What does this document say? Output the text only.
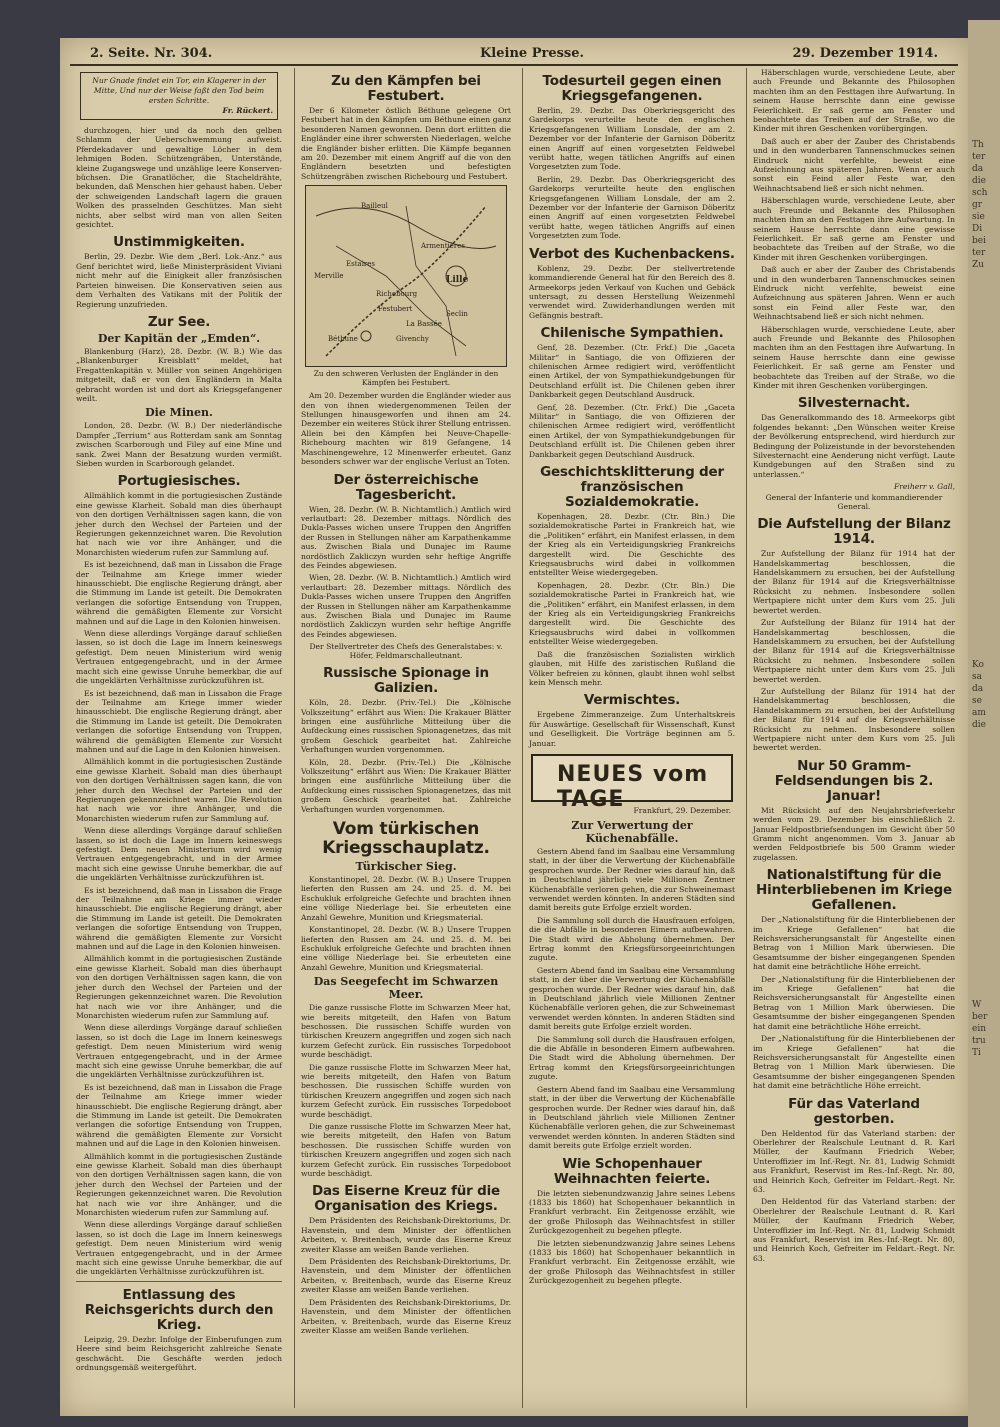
Th
ter
da
die
sch
gr
sie
Di
bei
ter
Zu
Ko
sa
da
se
am
die
W
ber
ein
tru
Ti
2. Seite. Nr. 304.	Kleine Presse.	29. Dezember 1914.
Nur Gnade findet ein Tor, ein Klagerer in der Mitte, Und nur der Weise faßt den Tod beim ersten Schritte.
Fr. Rückert.

durchzogen, hier und da noch den gelben Schlamm der Ueberschwemmung aufweist. Pferdekadaver und gewaltige Löcher in dem lehmigen Boden. Schützengräben, Unterstände, kleine Zugangswege und unzählige leere Konserven-büchsen. Die Granatlöcher, die Stacheldrähte, bekunden, daß Menschen hier gehaust haben. Ueber der schweigenden Landschaft lagern die grauen Wolken des prasselnden Geschützes. Man sieht nichts, aber selbst wird man von allen Seiten gesichtet.

Unstimmigkeiten.

Berlin, 29. Dezbr. Wie dem „Berl. Lok.-Anz.“ aus Genf berichtet wird, ließe Ministerpräsident Viviani nicht mehr auf die Einigkeit aller französischen Parteien hinweisen. Die Konservativen seien aus dem Verhalten des Vatikans mit der Politik der Regierung unzufrieden.

Zur See.
Der Kapitän der „Emden“.

Blankenburg (Harz), 28. Dezbr. (W. B.) Wie das „Blankenburger Kreisblatt“ meldet, hat Fregattenkapitän v. Müller von seinen Angehörigen mitgeteilt, daß er von den Engländern in Malta gebracht worden ist und dort als Kriegsgefangener weilt.

Die Minen.

London, 28. Dezbr. (W. B.) Der niederländische Dampfer „Terrium“ aus Rotterdam sank am Sonntag zwischen Scarborough und Filey auf eine Mine und sank. Zwei Mann der Besatzung wurden vermißt. Sieben wurden in Scarborough gelandet.

Portugiesisches.

Allmählich kommt in die portugiesischen Zustände eine gewisse Klarheit. Sobald man dies überhaupt von den dortigen Verhältnissen sagen kann, die von jeher durch den Wechsel der Parteien und der Regierungen gekennzeichnet waren. Die Revolution hat nach wie vor ihre Anhänger, und die Monarchisten wiederum rufen zur Sammlung auf.

Es ist bezeichnend, daß man in Lissabon die Frage der Teilnahme am Kriege immer wieder hinausschiebt. Die englische Regierung drängt, aber die Stimmung im Lande ist geteilt. Die Demokraten verlangen die sofortige Entsendung von Truppen, während die gemäßigten Elemente zur Vorsicht mahnen und auf die Lage in den Kolonien hinweisen.

Wenn diese allerdings Vorgänge darauf schließen lassen, so ist doch die Lage im Innern keineswegs gefestigt. Dem neuen Ministerium wird wenig Vertrauen entgegengebracht, und in der Armee macht sich eine gewisse Unruhe bemerkbar, die auf die ungeklärten Verhältnisse zurückzuführen ist.

Es ist bezeichnend, daß man in Lissabon die Frage der Teilnahme am Kriege immer wieder hinausschiebt. Die englische Regierung drängt, aber die Stimmung im Lande ist geteilt. Die Demokraten verlangen die sofortige Entsendung von Truppen, während die gemäßigten Elemente zur Vorsicht mahnen und auf die Lage in den Kolonien hinweisen.

Allmählich kommt in die portugiesischen Zustände eine gewisse Klarheit. Sobald man dies überhaupt von den dortigen Verhältnissen sagen kann, die von jeher durch den Wechsel der Parteien und der Regierungen gekennzeichnet waren. Die Revolution hat nach wie vor ihre Anhänger, und die Monarchisten wiederum rufen zur Sammlung auf.

Wenn diese allerdings Vorgänge darauf schließen lassen, so ist doch die Lage im Innern keineswegs gefestigt. Dem neuen Ministerium wird wenig Vertrauen entgegengebracht, und in der Armee macht sich eine gewisse Unruhe bemerkbar, die auf die ungeklärten Verhältnisse zurückzuführen ist.

Es ist bezeichnend, daß man in Lissabon die Frage der Teilnahme am Kriege immer wieder hinausschiebt. Die englische Regierung drängt, aber die Stimmung im Lande ist geteilt. Die Demokraten verlangen die sofortige Entsendung von Truppen, während die gemäßigten Elemente zur Vorsicht mahnen und auf die Lage in den Kolonien hinweisen.

Allmählich kommt in die portugiesischen Zustände eine gewisse Klarheit. Sobald man dies überhaupt von den dortigen Verhältnissen sagen kann, die von jeher durch den Wechsel der Parteien und der Regierungen gekennzeichnet waren. Die Revolution hat nach wie vor ihre Anhänger, und die Monarchisten wiederum rufen zur Sammlung auf.

Wenn diese allerdings Vorgänge darauf schließen lassen, so ist doch die Lage im Innern keineswegs gefestigt. Dem neuen Ministerium wird wenig Vertrauen entgegengebracht, und in der Armee macht sich eine gewisse Unruhe bemerkbar, die auf die ungeklärten Verhältnisse zurückzuführen ist.

Es ist bezeichnend, daß man in Lissabon die Frage der Teilnahme am Kriege immer wieder hinausschiebt. Die englische Regierung drängt, aber die Stimmung im Lande ist geteilt. Die Demokraten verlangen die sofortige Entsendung von Truppen, während die gemäßigten Elemente zur Vorsicht mahnen und auf die Lage in den Kolonien hinweisen.

Allmählich kommt in die portugiesischen Zustände eine gewisse Klarheit. Sobald man dies überhaupt von den dortigen Verhältnissen sagen kann, die von jeher durch den Wechsel der Parteien und der Regierungen gekennzeichnet waren. Die Revolution hat nach wie vor ihre Anhänger, und die Monarchisten wiederum rufen zur Sammlung auf.

Wenn diese allerdings Vorgänge darauf schließen lassen, so ist doch die Lage im Innern keineswegs gefestigt. Dem neuen Ministerium wird wenig Vertrauen entgegengebracht, und in der Armee macht sich eine gewisse Unruhe bemerkbar, die auf die ungeklärten Verhältnisse zurückzuführen ist.

Entlassung des Reichsgerichts durch den Krieg.

Leipzig, 29. Dezbr. Infolge der Einberufungen zum Heere sind beim Reichsgericht zahlreiche Senate geschwächt. Die Geschäfte werden jedoch ordnungsgemäß weitergeführt.

Zu den Kämpfen bei Festubert.

Der 6 Kilometer östlich Béthune gelegene Ort Festubert hat in den Kämpfen um Béthune einen ganz besonderen Namen gewonnen. Denn dort erlitten die Engländer eine ihrer schwersten Niederlagen, welche die Engländer bisher erlitten. Die Kämpfe begannen am 20. Dezember mit einem Angriff auf die von den Engländern besetzten und befestigten Schützengräben zwischen Richebourg und Festubert.

Bailleul
Armentières
Lille
Béthune
La Bassée
Seclin
Richebourg
Festubert
Estaires
Merville
Givenchy
Zu den schweren Verlusten der Engländer in den Kämpfen bei Festubert.

Am 20. Dezember wurden die Engländer wieder aus den von ihnen wiedergenommenen Teilen der Stellungen hinausgeworfen und ihnen am 24. Dezember ein weiteres Stück ihrer Stellung entrissen. Allein bei den Kämpfen bei Neuve-Chapelle-Richebourg machten wir 819 Gefangene, 14 Maschinengewehre, 12 Minenwerfer erbeutet. Ganz besonders schwer war der englische Verlust an Toten.

Der österreichische Tagesbericht.

Wien, 28. Dezbr. (W. B. Nichtamtlich.) Amtlich wird verlautbart: 28. Dezember mittags. Nördlich des Dukla-Passes wichen unsere Truppen den Angriffen der Russen in Stellungen näher am Karpathenkamme aus. Zwischen Biala und Dunajec im Raume nordöstlich Zakliczyn wurden sehr heftige Angriffe des Feindes abgewiesen.

Wien, 28. Dezbr. (W. B. Nichtamtlich.) Amtlich wird verlautbart: 28. Dezember mittags. Nördlich des Dukla-Passes wichen unsere Truppen den Angriffen der Russen in Stellungen näher am Karpathenkamme aus. Zwischen Biala und Dunajec im Raume nordöstlich Zakliczyn wurden sehr heftige Angriffe des Feindes abgewiesen.

Der Stellvertreter des Chefs des Generalstabes: v. Höfer, Feldmarschalleutnant.
Russische Spionage in Galizien.

Köln, 28. Dezbr. (Priv.-Tel.) Die „Kölnische Volkszeitung“ erfährt aus Wien: Die Krakauer Blätter bringen eine ausführliche Mitteilung über die Aufdeckung eines russischen Spionagenetzes, das mit großem Geschick gearbeitet hat. Zahlreiche Verhaftungen wurden vorgenommen.

Köln, 28. Dezbr. (Priv.-Tel.) Die „Kölnische Volkszeitung“ erfährt aus Wien: Die Krakauer Blätter bringen eine ausführliche Mitteilung über die Aufdeckung eines russischen Spionagenetzes, das mit großem Geschick gearbeitet hat. Zahlreiche Verhaftungen wurden vorgenommen.

Vom türkischen Kriegsschauplatz.
Türkischer Sieg.

Konstantinopel, 28. Dezbr. (W. B.) Unsere Truppen lieferten den Russen am 24. und 25. d. M. bei Eschukluk erfolgreiche Gefechte und brachten ihnen eine völlige Niederlage bei. Sie erbeuteten eine Anzahl Gewehre, Munition und Kriegsmaterial.

Konstantinopel, 28. Dezbr. (W. B.) Unsere Truppen lieferten den Russen am 24. und 25. d. M. bei Eschukluk erfolgreiche Gefechte und brachten ihnen eine völlige Niederlage bei. Sie erbeuteten eine Anzahl Gewehre, Munition und Kriegsmaterial.

Das Seegefecht im Schwarzen Meer.

Die ganze russische Flotte im Schwarzen Meer hat, wie bereits mitgeteilt, den Hafen von Batum beschossen. Die russischen Schiffe wurden von türkischen Kreuzern angegriffen und zogen sich nach kurzem Gefecht zurück. Ein russisches Torpedoboot wurde beschädigt.

Die ganze russische Flotte im Schwarzen Meer hat, wie bereits mitgeteilt, den Hafen von Batum beschossen. Die russischen Schiffe wurden von türkischen Kreuzern angegriffen und zogen sich nach kurzem Gefecht zurück. Ein russisches Torpedoboot wurde beschädigt.

Die ganze russische Flotte im Schwarzen Meer hat, wie bereits mitgeteilt, den Hafen von Batum beschossen. Die russischen Schiffe wurden von türkischen Kreuzern angegriffen und zogen sich nach kurzem Gefecht zurück. Ein russisches Torpedoboot wurde beschädigt.

Das Eiserne Kreuz für die Organisation des Kriegs.

Dem Präsidenten des Reichsbank-Direktoriums, Dr. Havenstein, und dem Minister der öffentlichen Arbeiten, v. Breitenbach, wurde das Eiserne Kreuz zweiter Klasse am weißen Bande verliehen.

Dem Präsidenten des Reichsbank-Direktoriums, Dr. Havenstein, und dem Minister der öffentlichen Arbeiten, v. Breitenbach, wurde das Eiserne Kreuz zweiter Klasse am weißen Bande verliehen.

Dem Präsidenten des Reichsbank-Direktoriums, Dr. Havenstein, und dem Minister der öffentlichen Arbeiten, v. Breitenbach, wurde das Eiserne Kreuz zweiter Klasse am weißen Bande verliehen.

Todesurteil gegen einen Kriegsgefangenen.

Berlin, 29. Dezbr. Das Oberkriegsgericht des Gardekorps verurteilte heute den englischen Kriegsgefangenen William Lonsdale, der am 2. Dezember vor der Infanterie der Garnison Döberitz einen Angriff auf einen vorgesetzten Feldwebel verübt hatte, wegen tätlichen Angriffs auf einen Vorgesetzten zum Tode.

Berlin, 29. Dezbr. Das Oberkriegsgericht des Gardekorps verurteilte heute den englischen Kriegsgefangenen William Lonsdale, der am 2. Dezember vor der Infanterie der Garnison Döberitz einen Angriff auf einen vorgesetzten Feldwebel verübt hatte, wegen tätlichen Angriffs auf einen Vorgesetzten zum Tode.

Verbot des Kuchenbackens.

Koblenz, 29. Dezbr. Der stellvertretende kommandierende General hat für den Bereich des 8. Armeekorps jeden Verkauf von Kuchen und Gebäck untersagt, zu dessen Herstellung Weizenmehl verwendet wird. Zuwiderhandlungen werden mit Gefängnis bestraft.

Chilenische Sympathien.

Genf, 28. Dezember. (Ctr. Frkf.) Die „Gaceta Militar“ in Santiago, die von Offizieren der chilenischen Armee redigiert wird, veröffentlicht einen Artikel, der von Sympathiekundgebungen für Deutschland erfüllt ist. Die Chilenen geben ihrer Dankbarkeit gegen Deutschland Ausdruck.

Genf, 28. Dezember. (Ctr. Frkf.) Die „Gaceta Militar“ in Santiago, die von Offizieren der chilenischen Armee redigiert wird, veröffentlicht einen Artikel, der von Sympathiekundgebungen für Deutschland erfüllt ist. Die Chilenen geben ihrer Dankbarkeit gegen Deutschland Ausdruck.

Geschichtsklitterung der französischen Sozialdemokratie.

Kopenhagen, 28. Dezbr. (Ctr. Bln.) Die sozialdemokratische Partei in Frankreich hat, wie die „Politiken“ erfährt, ein Manifest erlassen, in dem der Krieg als ein Verteidigungskrieg Frankreichs dargestellt wird. Die Geschichte des Kriegsausbruchs wird dabei in vollkommen entstellter Weise wiedergegeben.

Kopenhagen, 28. Dezbr. (Ctr. Bln.) Die sozialdemokratische Partei in Frankreich hat, wie die „Politiken“ erfährt, ein Manifest erlassen, in dem der Krieg als ein Verteidigungskrieg Frankreichs dargestellt wird. Die Geschichte des Kriegsausbruchs wird dabei in vollkommen entstellter Weise wiedergegeben.

Daß die französischen Sozialisten wirklich glauben, mit Hilfe des zaristischen Rußland die Völker befreien zu können, glaubt ihnen wohl selbst kein Mensch mehr.

Vermischtes.

Ergebene Zimmeranzeige. Zum Unterhaltskreis für Auswärtige. Gesellschaft für Wissenschaft, Kunst und Geselligkeit. Die Vorträge beginnen am 5. Januar.

NEUES vom TAGE	Frankfurt, 29. Dezember.
Zur Verwertung der Küchenabfälle.

Gestern Abend fand im Saalbau eine Versammlung statt, in der über die Verwertung der Küchenabfälle gesprochen wurde. Der Redner wies darauf hin, daß in Deutschland jährlich viele Millionen Zentner Küchenabfälle verloren gehen, die zur Schweinemast verwendet werden könnten. In anderen Städten sind damit bereits gute Erfolge erzielt worden.

Die Sammlung soll durch die Hausfrauen erfolgen, die die Abfälle in besonderen Eimern aufbewahren. Die Stadt wird die Abholung übernehmen. Der Ertrag kommt den Kriegsfürsorgeeinrichtungen zugute.

Gestern Abend fand im Saalbau eine Versammlung statt, in der über die Verwertung der Küchenabfälle gesprochen wurde. Der Redner wies darauf hin, daß in Deutschland jährlich viele Millionen Zentner Küchenabfälle verloren gehen, die zur Schweinemast verwendet werden könnten. In anderen Städten sind damit bereits gute Erfolge erzielt worden.

Die Sammlung soll durch die Hausfrauen erfolgen, die die Abfälle in besonderen Eimern aufbewahren. Die Stadt wird die Abholung übernehmen. Der Ertrag kommt den Kriegsfürsorgeeinrichtungen zugute.

Gestern Abend fand im Saalbau eine Versammlung statt, in der über die Verwertung der Küchenabfälle gesprochen wurde. Der Redner wies darauf hin, daß in Deutschland jährlich viele Millionen Zentner Küchenabfälle verloren gehen, die zur Schweinemast verwendet werden könnten. In anderen Städten sind damit bereits gute Erfolge erzielt worden.

Wie Schopenhauer Weihnachten feierte.

Die letzten siebenundzwanzig Jahre seines Lebens (1833 bis 1860) hat Schopenhauer bekanntlich in Frankfurt verbracht. Ein Zeitgenosse erzählt, wie der große Philosoph das Weihnachtsfest in stiller Zurückgezogenheit zu begehen pflegte.

Die letzten siebenundzwanzig Jahre seines Lebens (1833 bis 1860) hat Schopenhauer bekanntlich in Frankfurt verbracht. Ein Zeitgenosse erzählt, wie der große Philosoph das Weihnachtsfest in stiller Zurückgezogenheit zu begehen pflegte.

Häberschlagen wurde, verschiedene Leute, aber auch Freunde und Bekannte des Philosophen machten ihm an den Festtagen ihre Aufwartung. In seinem Hause herrschte dann eine gewisse Feierlichkeit. Er saß gerne am Fenster und beobachtete das Treiben auf der Straße, wo die Kinder mit ihren Geschenken vorübergingen.

Daß auch er aber der Zauber des Christabends und in den wunderbaren Tannenschmuckes seinen Eindruck nicht verfehlte, beweist eine Aufzeichnung aus späteren Jahren. Wenn er auch sonst ein Feind aller Feste war, den Weihnachtsabend ließ er sich nicht nehmen.

Häberschlagen wurde, verschiedene Leute, aber auch Freunde und Bekannte des Philosophen machten ihm an den Festtagen ihre Aufwartung. In seinem Hause herrschte dann eine gewisse Feierlichkeit. Er saß gerne am Fenster und beobachtete das Treiben auf der Straße, wo die Kinder mit ihren Geschenken vorübergingen.

Daß auch er aber der Zauber des Christabends und in den wunderbaren Tannenschmuckes seinen Eindruck nicht verfehlte, beweist eine Aufzeichnung aus späteren Jahren. Wenn er auch sonst ein Feind aller Feste war, den Weihnachtsabend ließ er sich nicht nehmen.

Häberschlagen wurde, verschiedene Leute, aber auch Freunde und Bekannte des Philosophen machten ihm an den Festtagen ihre Aufwartung. In seinem Hause herrschte dann eine gewisse Feierlichkeit. Er saß gerne am Fenster und beobachtete das Treiben auf der Straße, wo die Kinder mit ihren Geschenken vorübergingen.

Silvesternacht.

Das Generalkommando des 18. Armeekorps gibt folgendes bekannt: „Den Wünschen weiter Kreise der Bevölkerung entsprechend, wird hierdurch zur Bedingung der Polizeistunde in der bevorstehenden Silvesternacht eine Aenderung nicht verfügt. Laute Kundgebungen auf den Straßen sind zu unterlassen.“

Freiherr v. Gall,
General der Infanterie und kommandierender General.
Die Aufstellung der Bilanz 1914.

Zur Aufstellung der Bilanz für 1914 hat der Handelskammertag beschlossen, die Handelskammern zu ersuchen, bei der Aufstellung der Bilanz für 1914 auf die Kriegsverhältnisse Rücksicht zu nehmen. Insbesondere sollen Wertpapiere nicht unter dem Kurs vom 25. Juli bewertet werden.

Zur Aufstellung der Bilanz für 1914 hat der Handelskammertag beschlossen, die Handelskammern zu ersuchen, bei der Aufstellung der Bilanz für 1914 auf die Kriegsverhältnisse Rücksicht zu nehmen. Insbesondere sollen Wertpapiere nicht unter dem Kurs vom 25. Juli bewertet werden.

Zur Aufstellung der Bilanz für 1914 hat der Handelskammertag beschlossen, die Handelskammern zu ersuchen, bei der Aufstellung der Bilanz für 1914 auf die Kriegsverhältnisse Rücksicht zu nehmen. Insbesondere sollen Wertpapiere nicht unter dem Kurs vom 25. Juli bewertet werden.

Nur 50 Gramm-Feldsendungen bis 2. Januar!

Mit Rücksicht auf den Neujahrsbriefverkehr werden vom 29. Dezember bis einschließlich 2. Januar Feldpostbriefsendungen im Gewicht über 50 Gramm nicht angenommen. Vom 3. Januar ab werden Feldpostbriefe bis 500 Gramm wieder zugelassen.

Nationalstiftung für die Hinterbliebenen im Kriege Gefallenen.

Der „Nationalstiftung für die Hinterbliebenen der im Kriege Gefallenen“ hat die Reichsversicherungsanstalt für Angestellte einen Betrag von 1 Million Mark überwiesen. Die Gesamtsumme der bisher eingegangenen Spenden hat damit eine beträchtliche Höhe erreicht.

Der „Nationalstiftung für die Hinterbliebenen der im Kriege Gefallenen“ hat die Reichsversicherungsanstalt für Angestellte einen Betrag von 1 Million Mark überwiesen. Die Gesamtsumme der bisher eingegangenen Spenden hat damit eine beträchtliche Höhe erreicht.

Der „Nationalstiftung für die Hinterbliebenen der im Kriege Gefallenen“ hat die Reichsversicherungsanstalt für Angestellte einen Betrag von 1 Million Mark überwiesen. Die Gesamtsumme der bisher eingegangenen Spenden hat damit eine beträchtliche Höhe erreicht.

Für das Vaterland gestorben.

Den Heldentod für das Vaterland starben: der Oberlehrer der Realschule Leutnant d. R. Karl Müller, der Kaufmann Friedrich Weber, Unteroffizier im Inf.-Regt. Nr. 81, Ludwig Schmidt aus Frankfurt, Reservist im Res.-Inf.-Regt. Nr. 80, und Heinrich Koch, Gefreiter im Feldart.-Regt. Nr. 63.

Den Heldentod für das Vaterland starben: der Oberlehrer der Realschule Leutnant d. R. Karl Müller, der Kaufmann Friedrich Weber, Unteroffizier im Inf.-Regt. Nr. 81, Ludwig Schmidt aus Frankfurt, Reservist im Res.-Inf.-Regt. Nr. 80, und Heinrich Koch, Gefreiter im Feldart.-Regt. Nr. 63.
